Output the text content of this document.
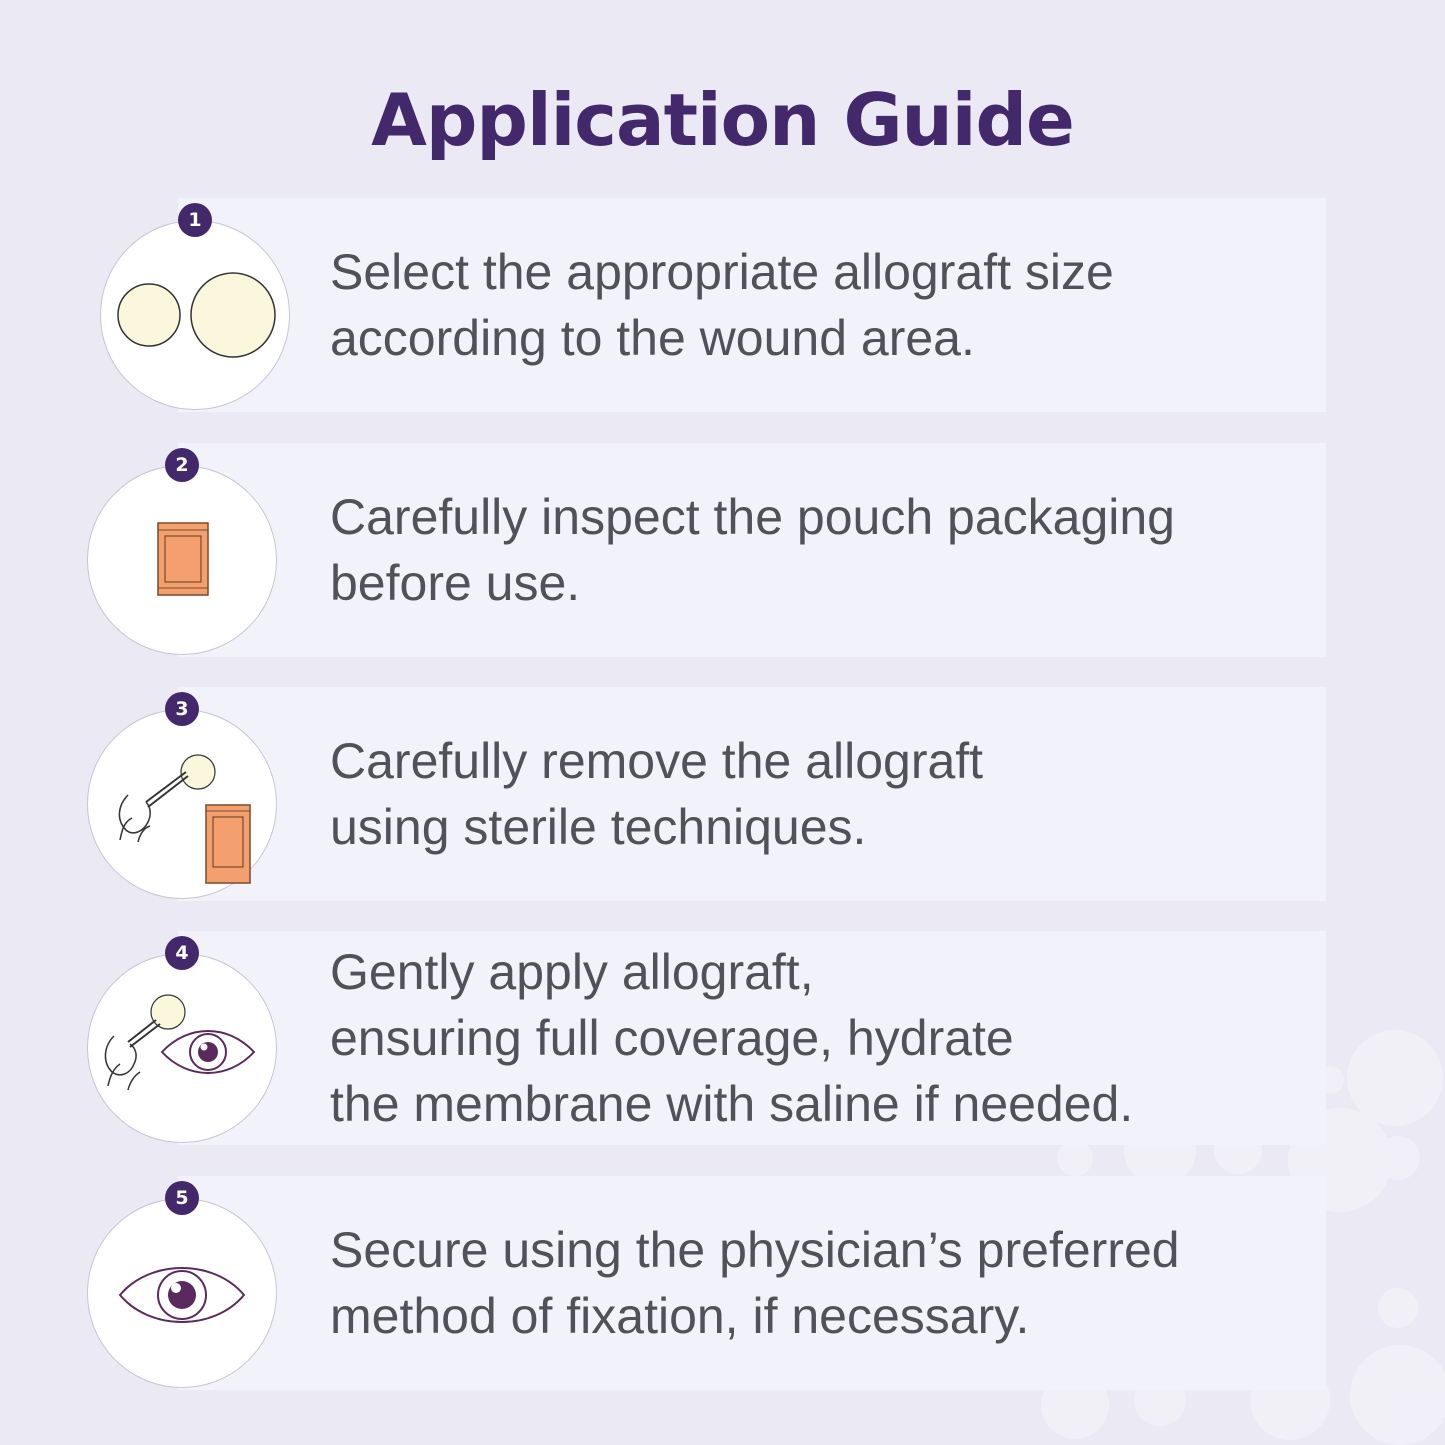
Application Guide
1
Select the appropriate allograft size
according to the wound area.
2
Carefully inspect the pouch packaging
before use.
3
Carefully remove the allograft
using sterile techniques.
4	Gently apply allograft,
ensuring full coverage, hydrate
the membrane with saline if needed.
5
Secure using the physician’s preferred
method of fixation, if necessary.
